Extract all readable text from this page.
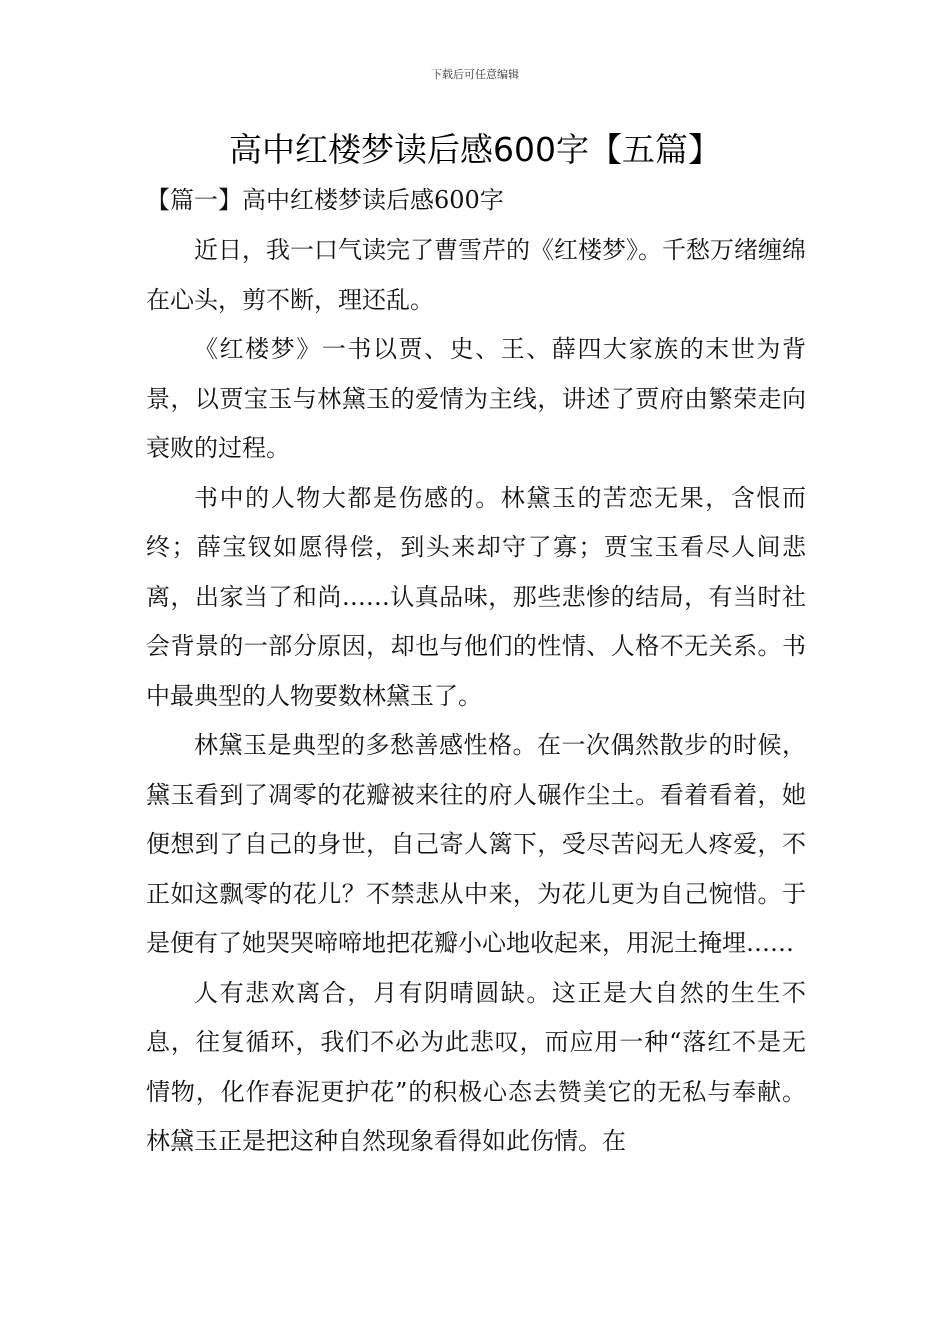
下载后可任意编辑
高中红楼梦读后感600字【五篇】
【篇一】高中红楼梦读后感600字

近日，我一口气读完了曹雪芹的《红楼梦》。千愁万绪缠绵在心头，剪不断，理还乱。

《红楼梦》一书以贾、史、王、薛四大家族的末世为背景，以贾宝玉与林黛玉的爱情为主线，讲述了贾府由繁荣走向衰败的过程。

书中的人物大都是伤感的。林黛玉的苦恋无果，含恨而终；薛宝钗如愿得偿，到头来却守了寡；贾宝玉看尽人间悲离，出家当了和尚……认真品味，那些悲惨的结局，有当时社会背景的一部分原因，却也与他们的性情、人格不无关系。书中最典型的人物要数林黛玉了。

林黛玉是典型的多愁善感性格。在一次偶然散步的时候，黛玉看到了凋零的花瓣被来往的府人碾作尘土。看着看着，她便想到了自己的身世，自己寄人篱下，受尽苦闷无人疼爱，不正如这飘零的花儿？不禁悲从中来，为花儿更为自己惋惜。于是便有了她哭哭啼啼地把花瓣小心地收起来，用泥土掩埋……

人有悲欢离合，月有阴晴圆缺。这正是大自然的生生不息，往复循环，我们不必为此悲叹，而应用一种“落红不是无情物，化作春泥更护花”的积极心态去赞美它的无私与奉献。林黛玉正是把这种自然现象看得如此伤情。在
